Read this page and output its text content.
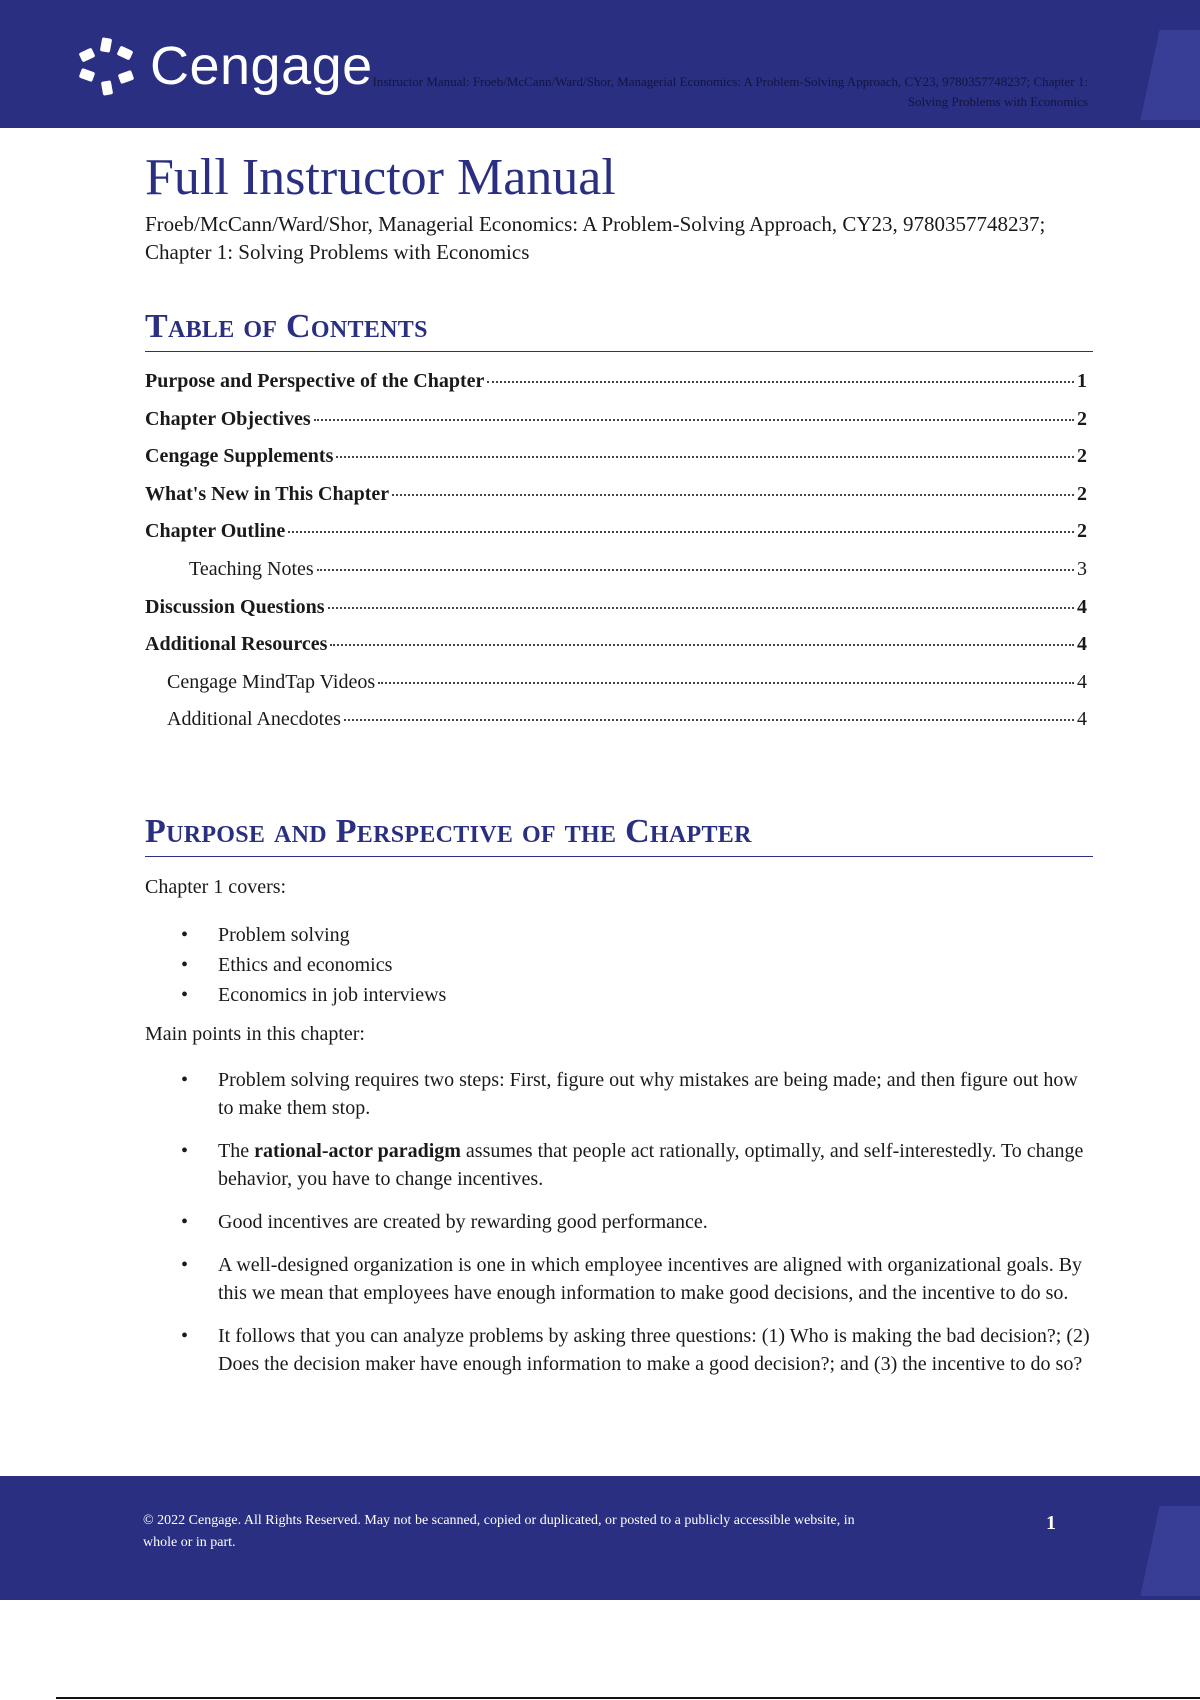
Cengage Instructor Manual: Froeb/McCann/Ward/Shor, Managerial Economics: A Problem-Solving Approach, CY23, 9780357748237; Chapter 1:
Solving Problems with Economics
Full Instructor Manual

Froeb/McCann/Ward/Shor, Managerial Economics: A Problem-Solving Approach, CY23, 9780357748237; Chapter 1: Solving Problems with Economics

Table of Contents
Purpose and Perspective of the Chapter	1
Chapter Objectives	2
Cengage Supplements	2
What's New in This Chapter	2
Chapter Outline	2
Teaching Notes	3
Discussion Questions	4
Additional Resources	4
Cengage MindTap Videos	4
Additional Anecdotes	4
Purpose and Perspective of the Chapter

Chapter 1 covers:

• Problem solving
• Ethics and economics
• Economics in job interviews

Main points in this chapter:

• Problem solving requires two steps: First, figure out why mistakes are being made; and then figure out how to make them stop.
• The rational-actor paradigm assumes that people act rationally, optimally, and self-interestedly. To change behavior, you have to change incentives.
• Good incentives are created by rewarding good performance.
• A well-designed organization is one in which employee incentives are aligned with organizational goals. By this we mean that employees have enough information to make good decisions, and the incentive to do so.
• It follows that you can analyze problems by asking three questions: (1) Who is making the bad decision?; (2) Does the decision maker have enough information to make a good decision?; and (3) the incentive to do so?

© 2022 Cengage. All Rights Reserved. May not be scanned, copied or duplicated, or posted to a publicly accessible website, in whole or in part.

1
